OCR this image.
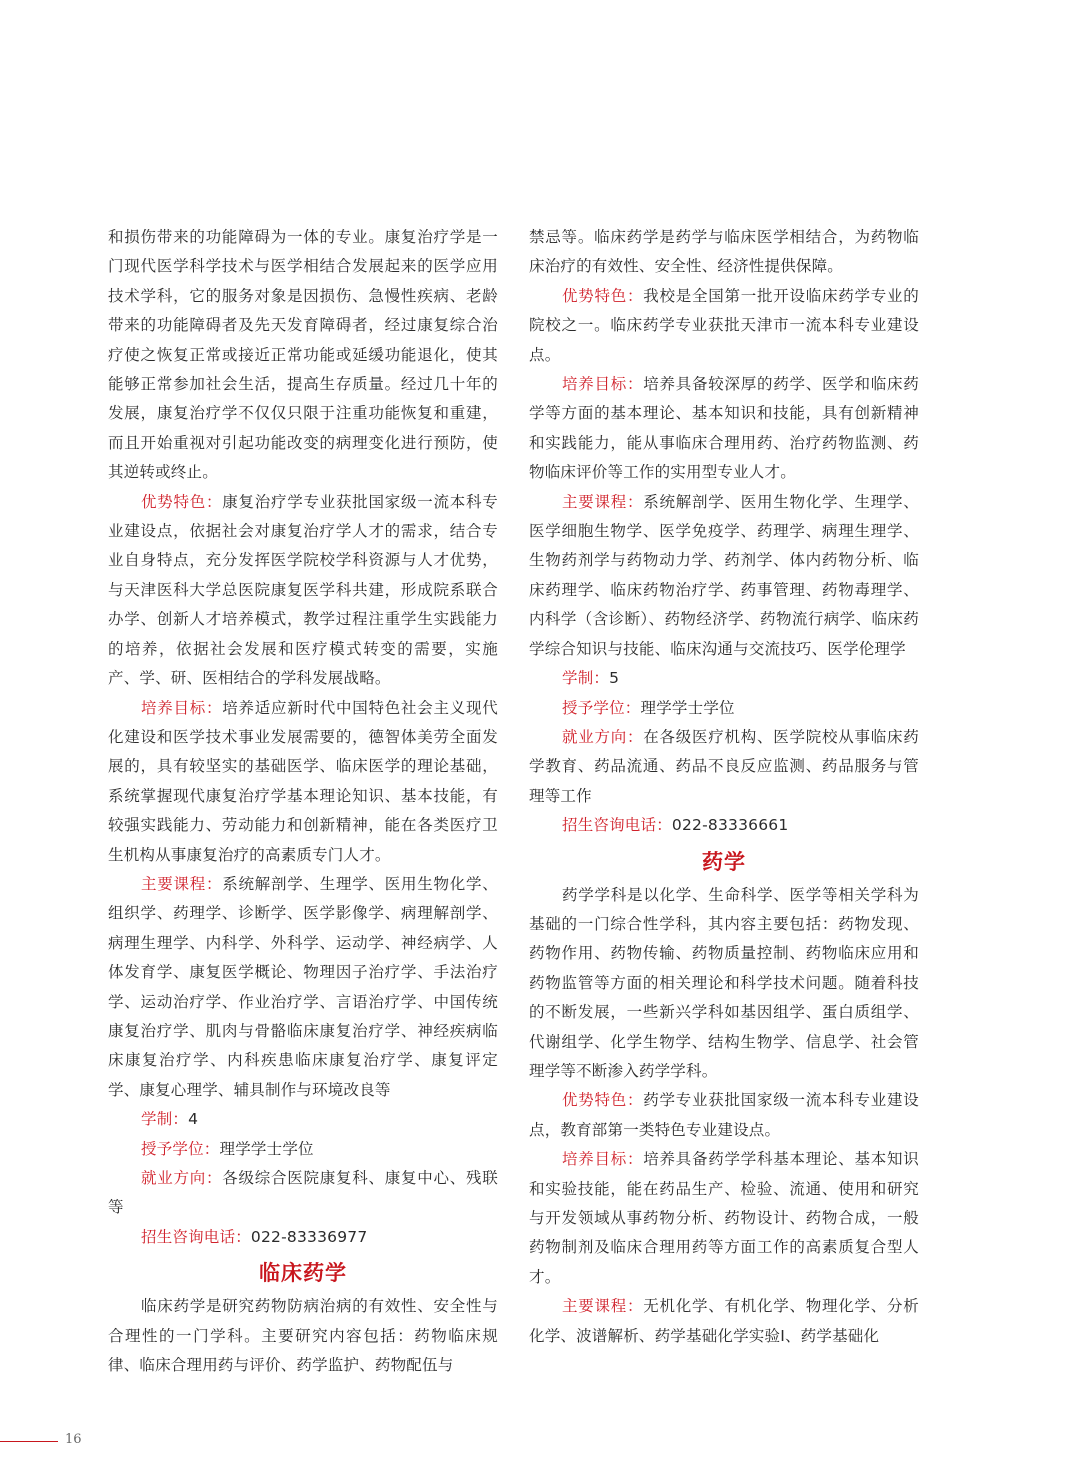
和损伤带来的功能障碍为一体的专业。康复治疗学是一门现代医学科学技术与医学相结合发展起来的医学应用技术学科，它的服务对象是因损伤、急慢性疾病、老龄带来的功能障碍者及先天发育障碍者，经过康复综合治疗使之恢复正常或接近正常功能或延缓功能退化，使其能够正常参加社会生活，提高生存质量。经过几十年的发展，康复治疗学不仅仅只限于注重功能恢复和重建，而且开始重视对引起功能改变的病理变化进行预防，使其逆转或终止。

优势特色：康复治疗学专业获批国家级一流本科专业建设点，依据社会对康复治疗学人才的需求，结合专业自身特点，充分发挥医学院校学科资源与人才优势，与天津医科大学总医院康复医学科共建，形成院系联合办学、创新人才培养模式，教学过程注重学生实践能力的培养，依据社会发展和医疗模式转变的需要，实施产、学、研、医相结合的学科发展战略。

培养目标：培养适应新时代中国特色社会主义现代化建设和医学技术事业发展需要的，德智体美劳全面发展的，具有较坚实的基础医学、临床医学的理论基础，系统掌握现代康复治疗学基本理论知识、基本技能，有较强实践能力、劳动能力和创新精神，能在各类医疗卫生机构从事康复治疗的高素质专门人才。

主要课程：系统解剖学、生理学、医用生物化学、组织学、药理学、诊断学、医学影像学、病理解剖学、病理生理学、内科学、外科学、运动学、神经病学、人体发育学、康复医学概论、物理因子治疗学、手法治疗学、运动治疗学、作业治疗学、言语治疗学、中国传统康复治疗学、肌肉与骨骼临床康复治疗学、神经疾病临床康复治疗学、内科疾患临床康复治疗学、康复评定学、康复心理学、辅具制作与环境改良等

学制：4

授予学位：理学学士学位

就业方向：各级综合医院康复科、康复中心、残联等

招生咨询电话：022-83336977

临床药学

临床药学是研究药物防病治病的有效性、安全性与合理性的一门学科。主要研究内容包括：药物临床规律、临床合理用药与评价、药学监护、药物配伍与

禁忌等。临床药学是药学与临床医学相结合，为药物临床治疗的有效性、安全性、经济性提供保障。

优势特色：我校是全国第一批开设临床药学专业的院校之一。临床药学专业获批天津市一流本科专业建设点。

培养目标：培养具备较深厚的药学、医学和临床药学等方面的基本理论、基本知识和技能，具有创新精神和实践能力，能从事临床合理用药、治疗药物监测、药物临床评价等工作的实用型专业人才。

主要课程：系统解剖学、医用生物化学、生理学、医学细胞生物学、医学免疫学、药理学、病理生理学、生物药剂学与药物动力学、药剂学、体内药物分析、临床药理学、临床药物治疗学、药事管理、药物毒理学、内科学（含诊断）、药物经济学、药物流行病学、临床药学综合知识与技能、临床沟通与交流技巧、医学伦理学

学制：5

授予学位：理学学士学位

就业方向：在各级医疗机构、医学院校从事临床药学教育、药品流通、药品不良反应监测、药品服务与管理等工作

招生咨询电话：022-83336661

药学

药学学科是以化学、生命科学、医学等相关学科为基础的一门综合性学科，其内容主要包括：药物发现、药物作用、药物传输、药物质量控制、药物临床应用和药物监管等方面的相关理论和科学技术问题。随着科技的不断发展，一些新兴学科如基因组学、蛋白质组学、代谢组学、化学生物学、结构生物学、信息学、社会管理学等不断渗入药学学科。

优势特色：药学专业获批国家级一流本科专业建设点，教育部第一类特色专业建设点。

培养目标：培养具备药学学科基本理论、基本知识和实验技能，能在药品生产、检验、流通、使用和研究与开发领域从事药物分析、药物设计、药物合成，一般药物制剂及临床合理用药等方面工作的高素质复合型人才。

主要课程：无机化学、有机化学、物理化学、分析化学、波谱解析、药学基础化学实验Ⅰ、药学基础化

16
